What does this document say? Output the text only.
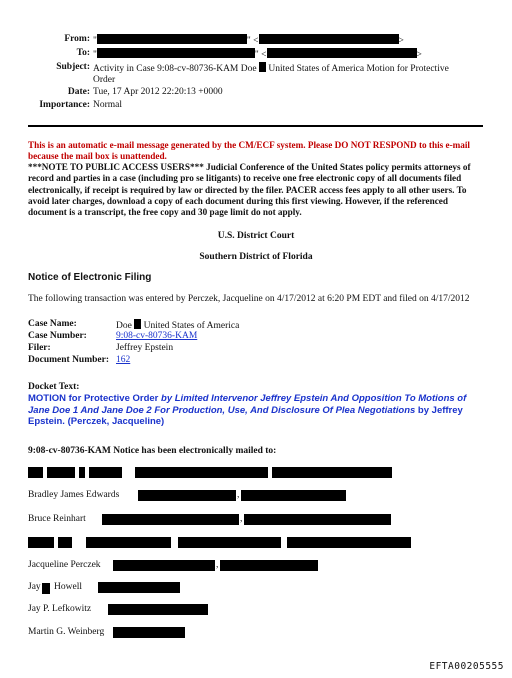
From: "	" <	>
To: "	" <	>
Subject: Activity in Case 9:08-cv-80736-KAM Doe United States of America Motion for Protective
Order
Date: Tue, 17 Apr 2012 22:20:13 +0000
Importance: Normal
This is an automatic e-mail message generated by the CM/ECF system. Please DO NOT RESPOND to this e-mail because the mail box is unattended.
***NOTE TO PUBLIC ACCESS USERS*** Judicial Conference of the United States policy permits attorneys of record and parties in a case (including pro se litigants) to receive one free electronic copy of all documents filed electronically, if receipt is required by law or directed by the filer. PACER access fees apply to all other users. To avoid later charges, download a copy of each document during this first viewing. However, if the referenced document is a transcript, the free copy and 30 page limit do not apply.
U.S. District Court
Southern District of Florida
Notice of Electronic Filing
The following transaction was entered by Perczek, Jacqueline on 4/17/2012 at 6:20 PM EDT and filed on 4/17/2012
Case Name:	Doe United States of America
Case Number:	9:08-cv-80736-KAM
Filer:	Jeffrey Epstein
Document Number: 162
Docket Text:
MOTION for Protective Order by Limited Intervenor Jeffrey Epstein And Opposition To Motions of Jane Doe 1 And Jane Doe 2 For Production, Use, And Disclosure Of Plea Negotiations by Jeffrey Epstein. (Perczek, Jacqueline)
9:08-cv-80736-KAM Notice has been electronically mailed to:
Bradley James Edwards	,
Bruce Reinhart	,
Jacqueline Perczek	,
Jay Howell
Jay P. Lefkowitz
Martin G. Weinberg
EFTA00205555
